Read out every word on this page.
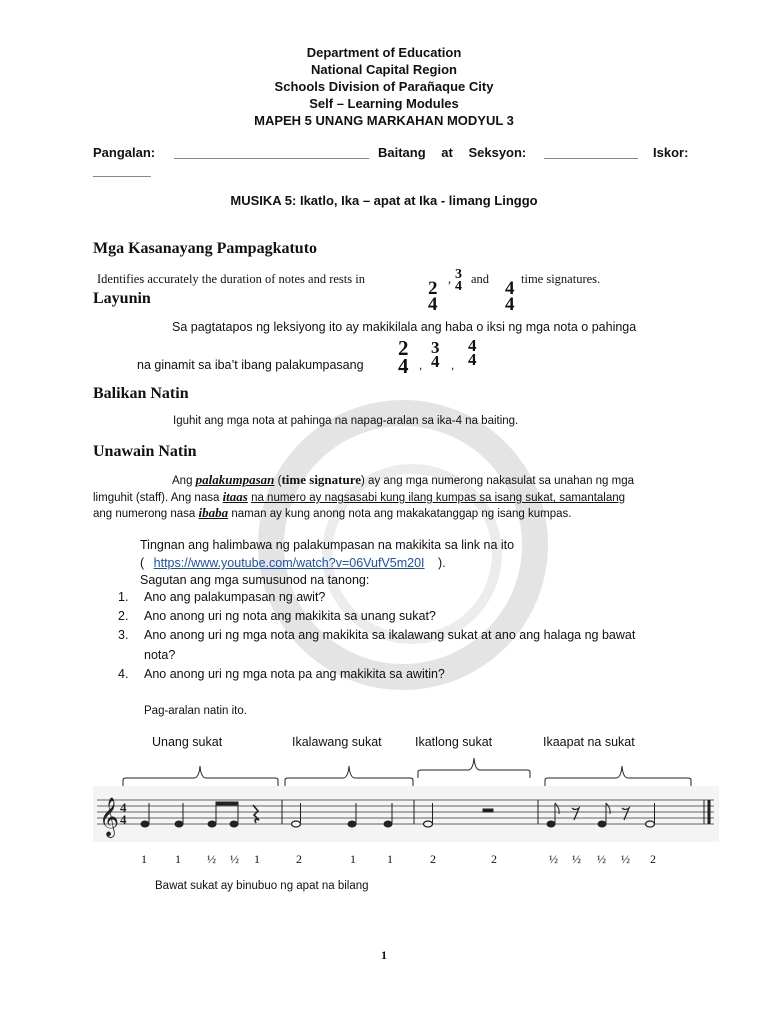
Department of Education
National Capital Region
Schools Division of Parañaque City
Self – Learning Modules
MAPEH 5 UNANG MARKAHAN MODYUL 3
Pangalan: ___________________________ Baitang at Seksyon: _____________ Iskor:
________
MUSIKA 5: Ikatlo, Ika – apat at Ika - limang Linggo
Mga Kasanayang Pampagkatuto
Identifies accurately the duration of notes and rests in	2
4
, 3
4 and 4
4
time signatures.
Layunin
Sa pagtatapos ng leksiyong ito ay makikilala ang haba o iksi ng mga nota o pahinga
na ginamit sa iba’t ibang palakumpasang
2
4 ,
3
4 ,
4
4
Balikan Natin
Iguhit ang mga nota at pahinga na napag-aralan sa ika-4 na baiting.
Unawain Natin
Ang palakumpasan (time signature) ay ang mga numerong nakasulat sa unahan ng mga
limguhit (staff). Ang nasa itaas na numero ay nagsasabi kung ilang kumpas sa isang sukat, samantalang
ang numerong nasa ibaba naman ay kung anong nota ang makakatanggap ng isang kumpas.
Tingnan ang halimbawa ng palakumpasan na makikita sa link na ito
( https://www.youtube.com/watch?v=06VufV5m20I ).
Sagutan ang mga sumusunod na tanong:
1. Ano ang palakumpasan ng awit?
2. Ano anong uri ng nota ang makikita sa unang sukat?
3. Ano anong uri ng mga nota ang makikita sa ikalawang sukat at ano ang halaga ng bawat
nota?
4. Ano anong uri ng mga nota pa ang makikita sa awitin?
Pag-aralan natin ito.
Unang sukat	Ikalawang sukat	Ikatlong sukat	Ikaapat na sukat
𝄞 4
4
1 1 ½ ½ 1	2	1	1	2	2	½ ½ ½ ½ 2
Bawat sukat ay binubuo ng apat na bilang
1
